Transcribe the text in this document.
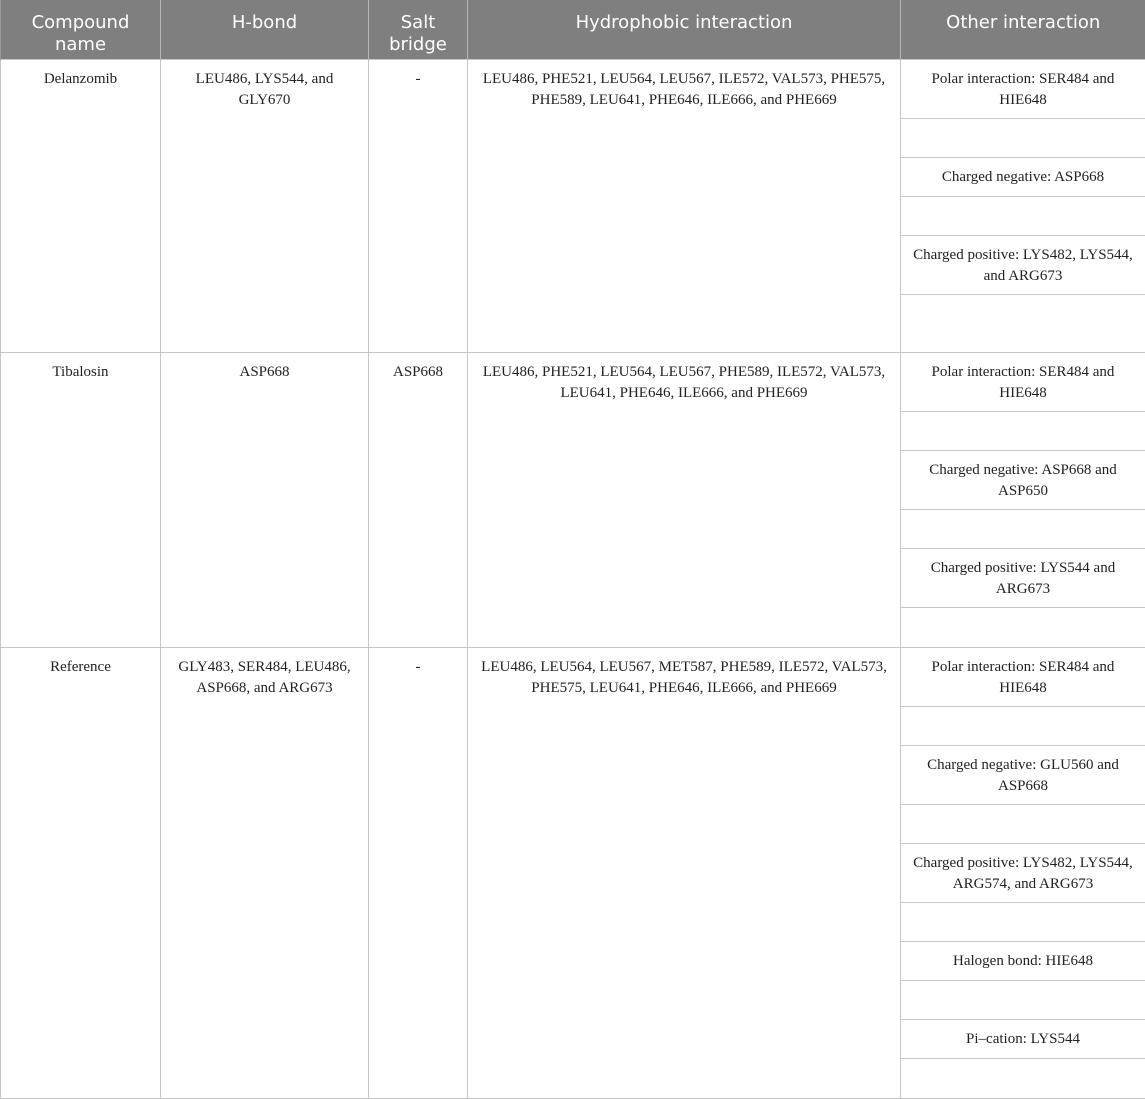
Compound name	H-bond	Salt bridge	Hydrophobic interaction	Other interaction
Delanzomib	LEU486, LYS544, and GLY670	-	LEU486, PHE521, LEU564, LEU567, ILE572, VAL573, PHE575, PHE589, LEU641, PHE646, ILE666, and PHE669	Polar interaction: SER484 and HIE648
Charged negative: ASP668
Charged positive: LYS482, LYS544, and ARG673

Tibalosin	ASP668	ASP668	LEU486, PHE521, LEU564, LEU567, PHE589, ILE572, VAL573, LEU641, PHE646, ILE666, and PHE669	Polar interaction: SER484 and HIE648
Charged negative: ASP668 and ASP650
Charged positive: LYS544 and ARG673

Reference	GLY483, SER484, LEU486, ASP668, and ARG673	-	LEU486, LEU564, LEU567, MET587, PHE589, ILE572, VAL573, PHE575, LEU641, PHE646, ILE666, and PHE669	Polar interaction: SER484 and HIE648
Charged negative: GLU560 and ASP668
Charged positive: LYS482, LYS544, ARG574, and ARG673
Halogen bond: HIE648
Pi–cation: LYS544
